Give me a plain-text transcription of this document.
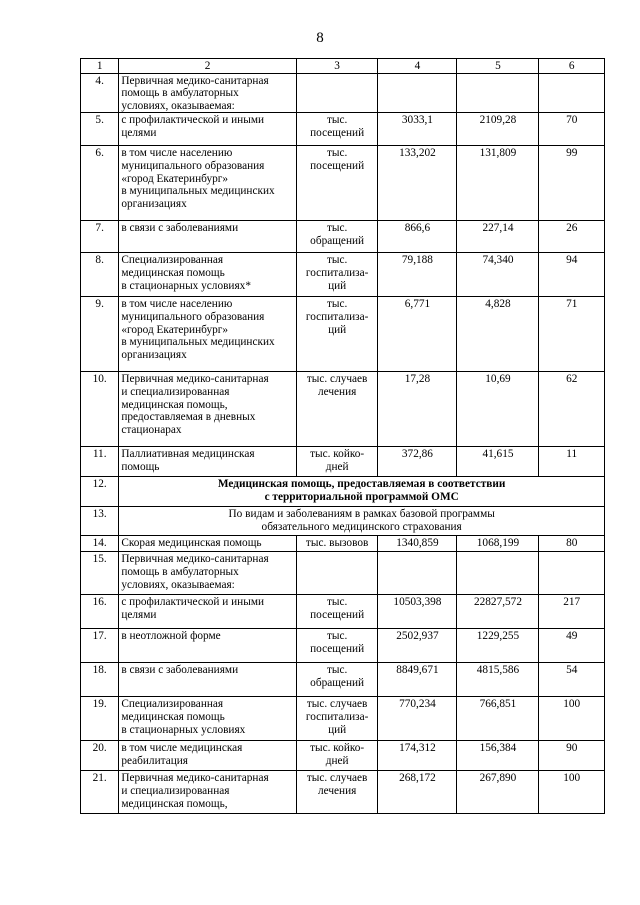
8
1	2	3	4	5	6
4.	Первичная медико-санитарная
помощь в амбулаторных
условиях, оказываемая:				
5.	с профилактической и иными
целями	тыс.
посещений	3033,1	2109,28	70
6.	в том числе населению
муниципального образования
«город Екатеринбург»
в муниципальных медицинских
организациях	тыс.
посещений	133,202	131,809	99
7.	в связи с заболеваниями	тыс.
обращений	866,6	227,14	26
8.	Специализированная
медицинская помощь
в стационарных условиях*	тыс.
госпитализа-
ций	79,188	74,340	94
9.	в том числе населению
муниципального образования
«город Екатеринбург»
в муниципальных медицинских
организациях	тыс.
госпитализа-
ций	6,771	4,828	71
10.	Первичная медико-санитарная
и специализированная
медицинская помощь,
предоставляемая в дневных
стационарах	тыс. случаев
лечения	17,28	10,69	62
11.	Паллиативная медицинская
помощь	тыс. койко-
дней	372,86	41,615	11
12.	Медицинская помощь, предоставляемая в соответствии
с территориальной программой ОМС				
13.	По видам и заболеваниям в рамках базовой программы
обязательного медицинского страхования				
14.	Скорая медицинская помощь	тыс. вызовов	1340,859	1068,199	80
15.	Первичная медико-санитарная
помощь в амбулаторных
условиях, оказываемая:				
16.	с профилактической и иными
целями	тыс.
посещений	10503,398	22827,572	217
17.	в неотложной форме	тыс.
посещений	2502,937	1229,255	49
18.	в связи с заболеваниями	тыс.
обращений	8849,671	4815,586	54
19.	Специализированная
медицинская помощь
в стационарных условиях	тыс. случаев
госпитализа-
ций	770,234	766,851	100
20.	в том числе медицинская
реабилитация	тыс. койко-
дней	174,312	156,384	90
21.	Первичная медико-санитарная
и специализированная
медицинская помощь,	тыс. случаев
лечения	268,172	267,890	100
